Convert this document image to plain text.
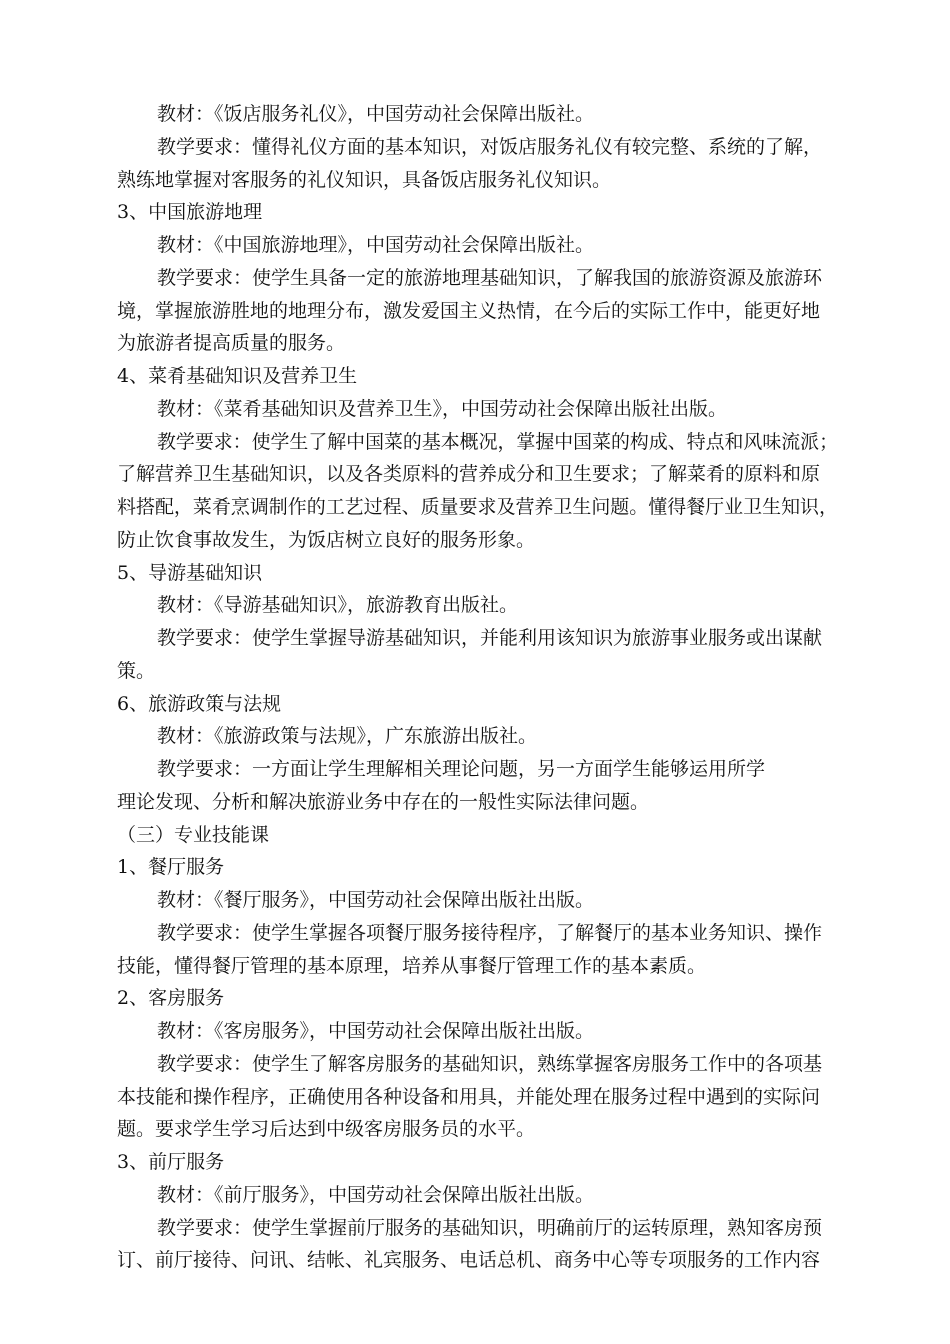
教材：《饭店服务礼仪》，中国劳动社会保障出版社。
教学要求：懂得礼仪方面的基本知识，对饭店服务礼仪有较完整、系统的了解，
熟练地掌握对客服务的礼仪知识，具备饭店服务礼仪知识。
3、中国旅游地理
教材：《中国旅游地理》，中国劳动社会保障出版社。
教学要求：使学生具备一定的旅游地理基础知识，了解我国的旅游资源及旅游环
境，掌握旅游胜地的地理分布，激发爱国主义热情，在今后的实际工作中，能更好地
为旅游者提高质量的服务。
4、菜肴基础知识及营养卫生
教材：《菜肴基础知识及营养卫生》，中国劳动社会保障出版社出版。
教学要求：使学生了解中国菜的基本概况，掌握中国菜的构成、特点和风味流派；
了解营养卫生基础知识，以及各类原料的营养成分和卫生要求；了解菜肴的原料和原
料搭配，菜肴烹调制作的工艺过程、质量要求及营养卫生问题。懂得餐厅业卫生知识，
防止饮食事故发生，为饭店树立良好的服务形象。
5、导游基础知识
教材：《导游基础知识》，旅游教育出版社。
教学要求：使学生掌握导游基础知识，并能利用该知识为旅游事业服务或出谋献
策。
6、旅游政策与法规
教材：《旅游政策与法规》，广东旅游出版社。
教学要求：一方面让学生理解相关理论问题，另一方面学生能够运用所学
理论发现、分析和解决旅游业务中存在的一般性实际法律问题。
（三）专业技能课
1、餐厅服务
教材：《餐厅服务》，中国劳动社会保障出版社出版。
教学要求：使学生掌握各项餐厅服务接待程序，了解餐厅的基本业务知识、操作
技能，懂得餐厅管理的基本原理，培养从事餐厅管理工作的基本素质。
2、客房服务
教材：《客房服务》，中国劳动社会保障出版社出版。
教学要求：使学生了解客房服务的基础知识，熟练掌握客房服务工作中的各项基
本技能和操作程序，正确使用各种设备和用具，并能处理在服务过程中遇到的实际问
题。要求学生学习后达到中级客房服务员的水平。
3、前厅服务
教材：《前厅服务》，中国劳动社会保障出版社出版。
教学要求：使学生掌握前厅服务的基础知识，明确前厅的运转原理，熟知客房预
订、前厅接待、问讯、结帐、礼宾服务、电话总机、商务中心等专项服务的工作内容
